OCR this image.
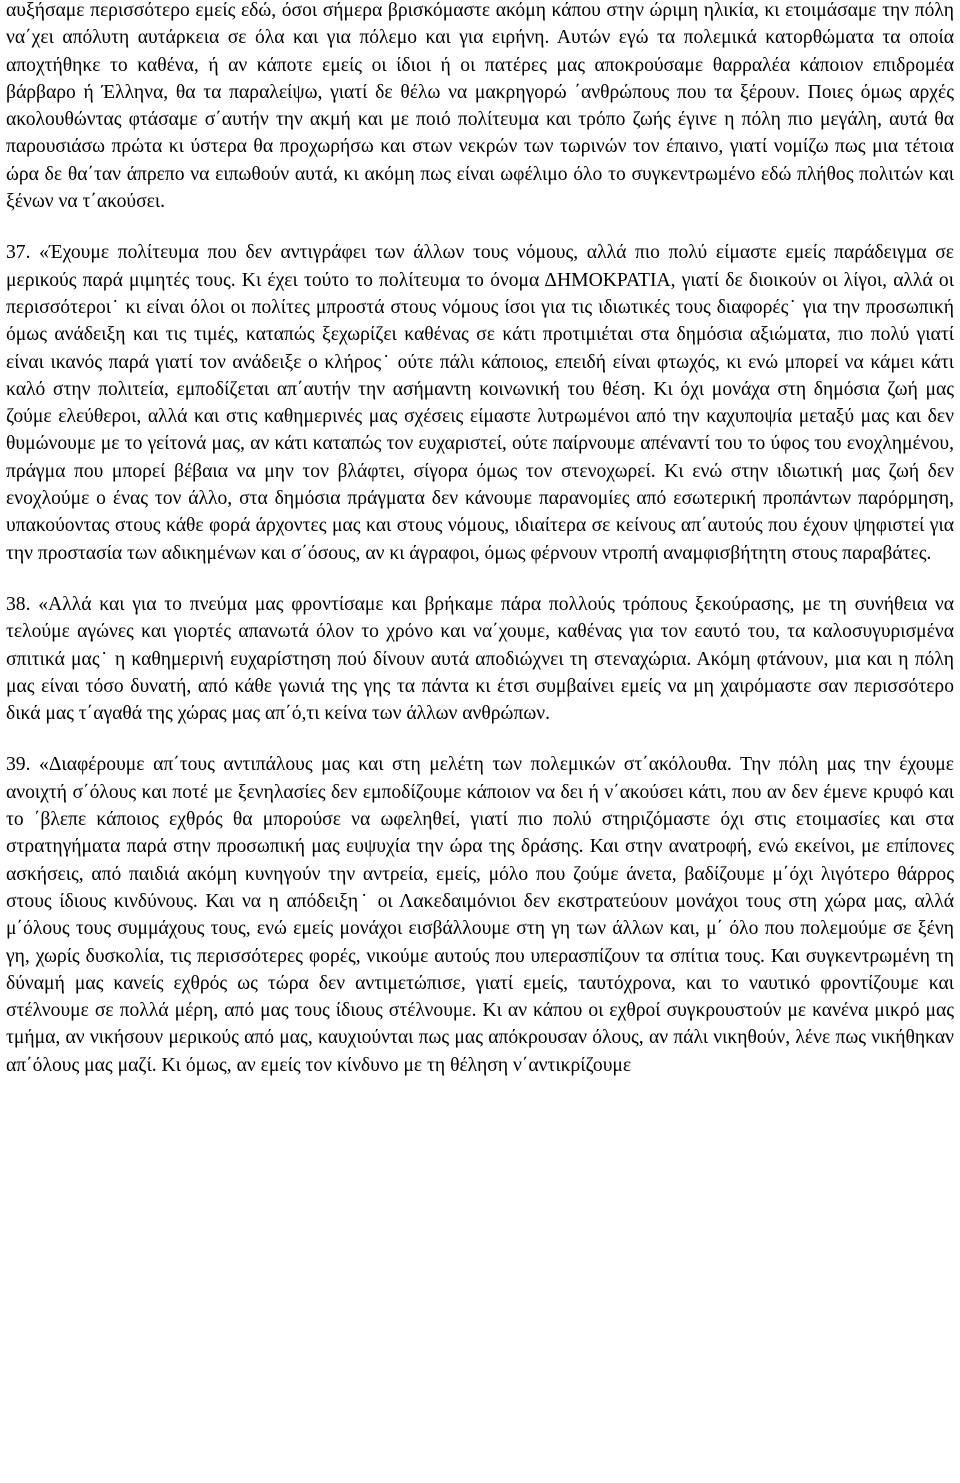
αυξήσαμε περισσότερο εμείς εδώ, όσοι σήμερα βρισκόμαστε ακόμη κάπου στην ώριμη ηλικία, κι ετοιμάσαμε την πόλη να΄χει απόλυτη αυτάρκεια σε όλα και για πόλεμο και για ειρήνη. Αυτών εγώ τα πολεμικά κατορθώματα τα οποία αποχτήθηκε το καθένα, ή αν κάποτε εμείς οι ίδιοι ή οι πατέρες μας αποκρούσαμε θαρραλέα κάποιον επιδρομέα βάρβαρο ή Έλληνα, θα τα παραλείψω, γιατί δε θέλω να μακρηγορώ ΄ανθρώπους που τα ξέρουν. Ποιες όμως αρχές ακολουθώντας φτάσαμε σ΄αυτήν την ακμή και με ποιό πολίτευμα και τρόπο ζωής έγινε η πόλη πιο μεγάλη, αυτά θα παρουσιάσω πρώτα κι ύστερα θα προχωρήσω και στων νεκρών των τωρινών τον έπαινο, γιατί νομίζω πως μια τέτοια ώρα δε θα΄ταν άπρεπο να ειπωθούν αυτά, κι ακόμη πως είναι ωφέλιμο όλο το συγκεντρωμένο εδώ πλήθος πολιτών και ξένων να τ΄ακούσει.

37. «Έχουμε πολίτευμα που δεν αντιγράφει των άλλων τους νόμους, αλλά πιο πολύ είμαστε εμείς παράδειγμα σε μερικούς παρά μιμητές τους. Κι έχει τούτο το πολίτευμα το όνομα ΔΗΜΟΚΡΑΤΙΑ, γιατί δε διοικούν οι λίγοι, αλλά οι περισσότεροι˙ κι είναι όλοι οι πολίτες μπροστά στους νόμους ίσοι για τις ιδιωτικές τους διαφορές˙ για την προσωπική όμως ανάδειξη και τις τιμές, καταπώς ξεχωρίζει καθένας σε κάτι προτιμιέται στα δημόσια αξιώματα, πιο πολύ γιατί είναι ικανός παρά γιατί τον ανάδειξε ο κλήρος˙ ούτε πάλι κάποιος, επειδή είναι φτωχός, κι ενώ μπορεί να κάμει κάτι καλό στην πολιτεία, εμποδίζεται απ΄αυτήν την ασήμαντη κοινωνική του θέση. Κι όχι μονάχα στη δημόσια ζωή μας ζούμε ελεύθεροι, αλλά και στις καθημερινές μας σχέσεις είμαστε λυτρωμένοι από την καχυποψία μεταξύ μας και δεν θυμώνουμε με το γείτονά μας, αν κάτι καταπώς τον ευχαριστεί, ούτε παίρνουμε απέναντί του το ύφος του ενοχλημένου, πράγμα που μπορεί βέβαια να μην τον βλάφτει, σίγορα όμως τον στενοχωρεί. Κι ενώ στην ιδιωτική μας ζωή δεν ενοχλούμε ο ένας τον άλλο, στα δημόσια πράγματα δεν κάνουμε παρανομίες από εσωτερική προπάντων παρόρμηση, υπακούοντας στους κάθε φορά άρχοντες μας και στους νόμους, ιδιαίτερα σε κείνους απ΄αυτούς που έχουν ψηφιστεί για την προστασία των αδικημένων και σ΄όσους, αν κι άγραφοι, όμως φέρνουν ντροπή αναμφισβήτητη στους παραβάτες.

38. «Αλλά και για το πνεύμα μας φροντίσαμε και βρήκαμε πάρα πολλούς τρόπους ξεκούρασης, με τη συνήθεια να τελούμε αγώνες και γιορτές απανωτά όλον το χρόνο και να΄χουμε, καθένας για τον εαυτό του, τα καλοσυγυρισμένα σπιτικά μας˙ η καθημερινή ευχαρίστηση πού δίνουν αυτά αποδιώχνει τη στεναχώρια. Ακόμη φτάνουν, μια και η πόλη μας είναι τόσο δυνατή, από κάθε γωνιά της γης τα πάντα κι έτσι συμβαίνει εμείς να μη χαιρόμαστε σαν περισσότερο δικά μας τ΄αγαθά της χώρας μας απ΄ό,τι κείνα των άλλων ανθρώπων.

39. «Διαφέρουμε απ΄τους αντιπάλους μας και στη μελέτη των πολεμικών στ΄ακόλουθα. Την πόλη μας την έχουμε ανοιχτή σ΄όλους και ποτέ με ξενηλασίες δεν εμποδίζουμε κάποιον να δει ή ν΄ακούσει κάτι, που αν δεν έμενε κρυφό και το ΄βλεπε κάποιος εχθρός θα μπορούσε να ωφεληθεί, γιατί πιο πολύ στηριζόμαστε όχι στις ετοιμασίες και στα στρατηγήματα παρά στην προσωπική μας ευψυχία την ώρα της δράσης. Και στην ανατροφή, ενώ εκείνοι, με επίπονες ασκήσεις, από παιδιά ακόμη κυνηγούν την αντρεία, εμείς, μόλο που ζούμε άνετα, βαδίζουμε μ΄όχι λιγότερο θάρρος στους ίδιους κινδύνους. Και να η απόδειξη˙ οι Λακεδαιμόνιοι δεν εκστρατεύουν μονάχοι τους στη χώρα μας, αλλά μ΄όλους τους συμμάχους τους, ενώ εμείς μονάχοι εισβάλλουμε στη γη των άλλων και, μ΄ όλο που πολεμούμε σε ξένη γη, χωρίς δυσκολία, τις περισσότερες φορές, νικούμε αυτούς που υπερασπίζουν τα σπίτια τους. Και συγκεντρωμένη τη δύναμή μας κανείς εχθρός ως τώρα δεν αντιμετώπισε, γιατί εμείς, ταυτόχρονα, και το ναυτικό φροντίζουμε και στέλνουμε σε πολλά μέρη, από μας τους ίδιους στέλνουμε. Κι αν κάπου οι εχθροί συγκρουστούν με κανένα μικρό μας τμήμα, αν νικήσουν μερικούς από μας, καυχιούνται πως μας απόκρουσαν όλους, αν πάλι νικηθούν, λένε πως νικήθηκαν απ΄όλους μας μαζί. Κι όμως, αν εμείς τον κίνδυνο με τη θέληση ν΄αντικρίζουμε
